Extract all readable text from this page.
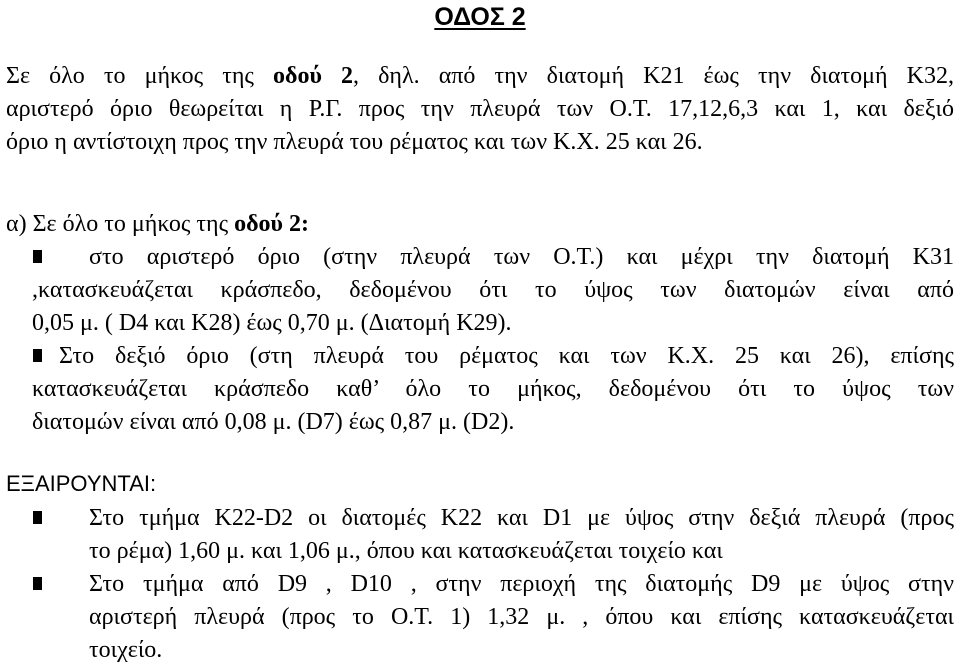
ΟΔΟΣ 2
Σε όλο το μήκος της οδού 2, δηλ. από την διατομή Κ21 έως την διατομή Κ32,
αριστερό όριο θεωρείται η Ρ.Γ. προς την πλευρά των Ο.Τ. 17,12,6,3 και 1, και δεξιό
όριο η αντίστοιχη προς την πλευρά του ρέματος και των Κ.Χ. 25 και 26.
α) Σε όλο το μήκος της οδού 2:
στο αριστερό όριο (στην πλευρά των Ο.Τ.) και μέχρι την διατομή Κ31
,κατασκευάζεται κράσπεδο, δεδομένου ότι το ύψος των διατομών είναι από
0,05 μ. ( D4 και Κ28) έως 0,70 μ. (Διατομή Κ29).
Στο δεξιό όριο (στη πλευρά του ρέματος και των Κ.Χ. 25 και 26), επίσης
κατασκευάζεται κράσπεδο καθ’ όλο το μήκος, δεδομένου ότι το ύψος των
διατομών είναι από 0,08 μ. (D7) έως 0,87 μ. (D2).
ΕΞΑΙΡΟΥΝΤΑΙ:
Στο τμήμα Κ22-D2 οι διατομές Κ22 και D1 με ύψος στην δεξιά πλευρά (προς
το ρέμα) 1,60 μ. και 1,06 μ., όπου και κατασκευάζεται τοιχείο και
Στο τμήμα από D9 , D10 , στην περιοχή της διατομής D9 με ύψος στην
αριστερή πλευρά (προς το Ο.Τ. 1) 1,32 μ. , όπου και επίσης κατασκευάζεται
τοιχείο.
